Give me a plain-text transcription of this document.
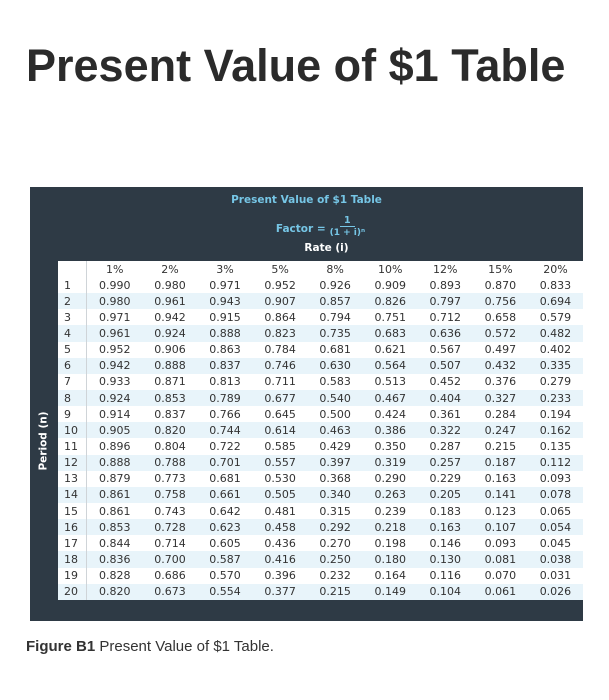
Present Value of $1 Table
Present Value of $1 Table
Factor = $\frac{1}{\text{(1 + i)ⁿ}}$
Rate (i)
Period (n)
	1%	2%	3%	5%	8%	10%	12%	15%	20%
1	0.990	0.980	0.971	0.952	0.926	0.909	0.893	0.870	0.833
2	0.980	0.961	0.943	0.907	0.857	0.826	0.797	0.756	0.694
3	0.971	0.942	0.915	0.864	0.794	0.751	0.712	0.658	0.579
4	0.961	0.924	0.888	0.823	0.735	0.683	0.636	0.572	0.482
5	0.952	0.906	0.863	0.784	0.681	0.621	0.567	0.497	0.402
6	0.942	0.888	0.837	0.746	0.630	0.564	0.507	0.432	0.335
7	0.933	0.871	0.813	0.711	0.583	0.513	0.452	0.376	0.279
8	0.924	0.853	0.789	0.677	0.540	0.467	0.404	0.327	0.233
9	0.914	0.837	0.766	0.645	0.500	0.424	0.361	0.284	0.194
10	0.905	0.820	0.744	0.614	0.463	0.386	0.322	0.247	0.162
11	0.896	0.804	0.722	0.585	0.429	0.350	0.287	0.215	0.135
12	0.888	0.788	0.701	0.557	0.397	0.319	0.257	0.187	0.112
13	0.879	0.773	0.681	0.530	0.368	0.290	0.229	0.163	0.093
14	0.861	0.758	0.661	0.505	0.340	0.263	0.205	0.141	0.078
15	0.861	0.743	0.642	0.481	0.315	0.239	0.183	0.123	0.065
16	0.853	0.728	0.623	0.458	0.292	0.218	0.163	0.107	0.054
17	0.844	0.714	0.605	0.436	0.270	0.198	0.146	0.093	0.045
18	0.836	0.700	0.587	0.416	0.250	0.180	0.130	0.081	0.038
19	0.828	0.686	0.570	0.396	0.232	0.164	0.116	0.070	0.031
20	0.820	0.673	0.554	0.377	0.215	0.149	0.104	0.061	0.026
Figure B1 Present Value of $1 Table.
